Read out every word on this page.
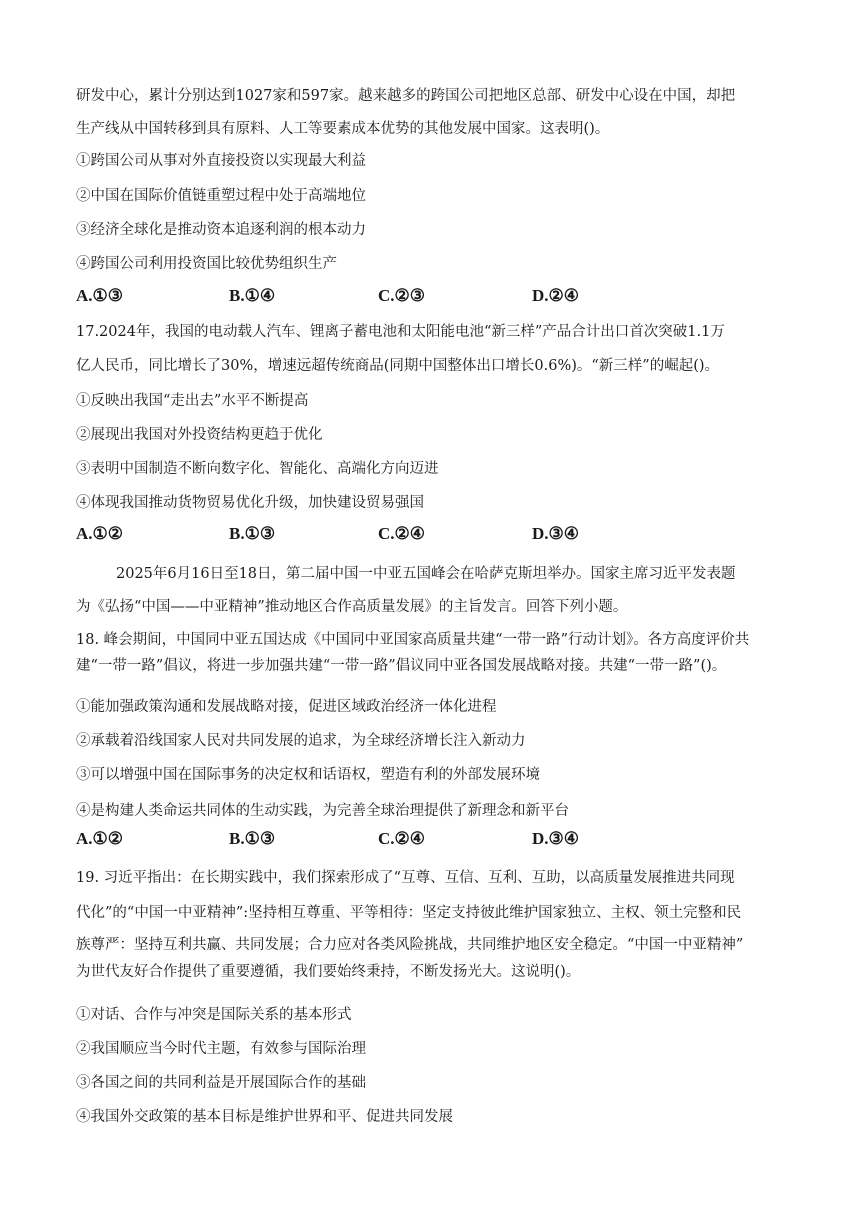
研发中心，累计分别达到1027家和597家。越来越多的跨国公司把地区总部、研发中心设在中国，却把
生产线从中国转移到具有原料、人工等要素成本优势的其他发展中国家。这表明()。
①跨国公司从事对外直接投资以实现最大利益
②中国在国际价值链重塑过程中处于高端地位
③经济全球化是推动资本追逐利润的根本动力
④跨国公司利用投资国比较优势组织生产
A.①③	B.①④	C.②③	D.②④
17.2024年，我国的电动载人汽车、锂离子蓄电池和太阳能电池“新三样”产品合计出口首次突破1.1万
亿人民币，同比增长了30%，增速远超传统商品(同期中国整体出口增长0.6%)。“新三样”的崛起()。
①反映出我国“走出去”水平不断提高
②展现出我国对外投资结构更趋于优化
③表明中国制造不断向数字化、智能化、高端化方向迈进
④体现我国推动货物贸易优化升级，加快建设贸易强国
A.①②	B.①③	C.②④	D.③④
2025年6月16日至18日，第二届中国一中亚五国峰会在哈萨克斯坦举办。国家主席习近平发表题
为《弘扬“中国——中亚精神”推动地区合作高质量发展》的主旨发言。回答下列小题。
18. 峰会期间，中国同中亚五国达成《中国同中亚国家高质量共建“一带一路”行动计划》。各方高度评价共
建“一带一路”倡议，将进一步加强共建“一带一路”倡议同中亚各国发展战略对接。共建“一带一路”()。
①能加强政策沟通和发展战略对接，促进区域政治经济一体化进程
②承载着沿线国家人民对共同发展的追求，为全球经济增长注入新动力
③可以增强中国在国际事务的决定权和话语权，塑造有利的外部发展环境
④是构建人类命运共同体的生动实践，为完善全球治理提供了新理念和新平台
A.①②	B.①③	C.②④	D.③④
19. 习近平指出：在长期实践中，我们探索形成了“互尊、互信、互利、互助，以高质量发展推进共同现
代化”的“中国一中亚精神”:坚持相互尊重、平等相待：坚定支持彼此维护国家独立、主权、领土完整和民
族尊严：坚持互利共赢、共同发展；合力应对各类风险挑战，共同维护地区安全稳定。“中国一中亚精神”
为世代友好合作提供了重要遵循，我们要始终秉持，不断发扬光大。这说明()。
①对话、合作与冲突是国际关系的基本形式
②我国顺应当今时代主题，有效参与国际治理
③各国之间的共同利益是开展国际合作的基础
④我国外交政策的基本目标是维护世界和平、促进共同发展
